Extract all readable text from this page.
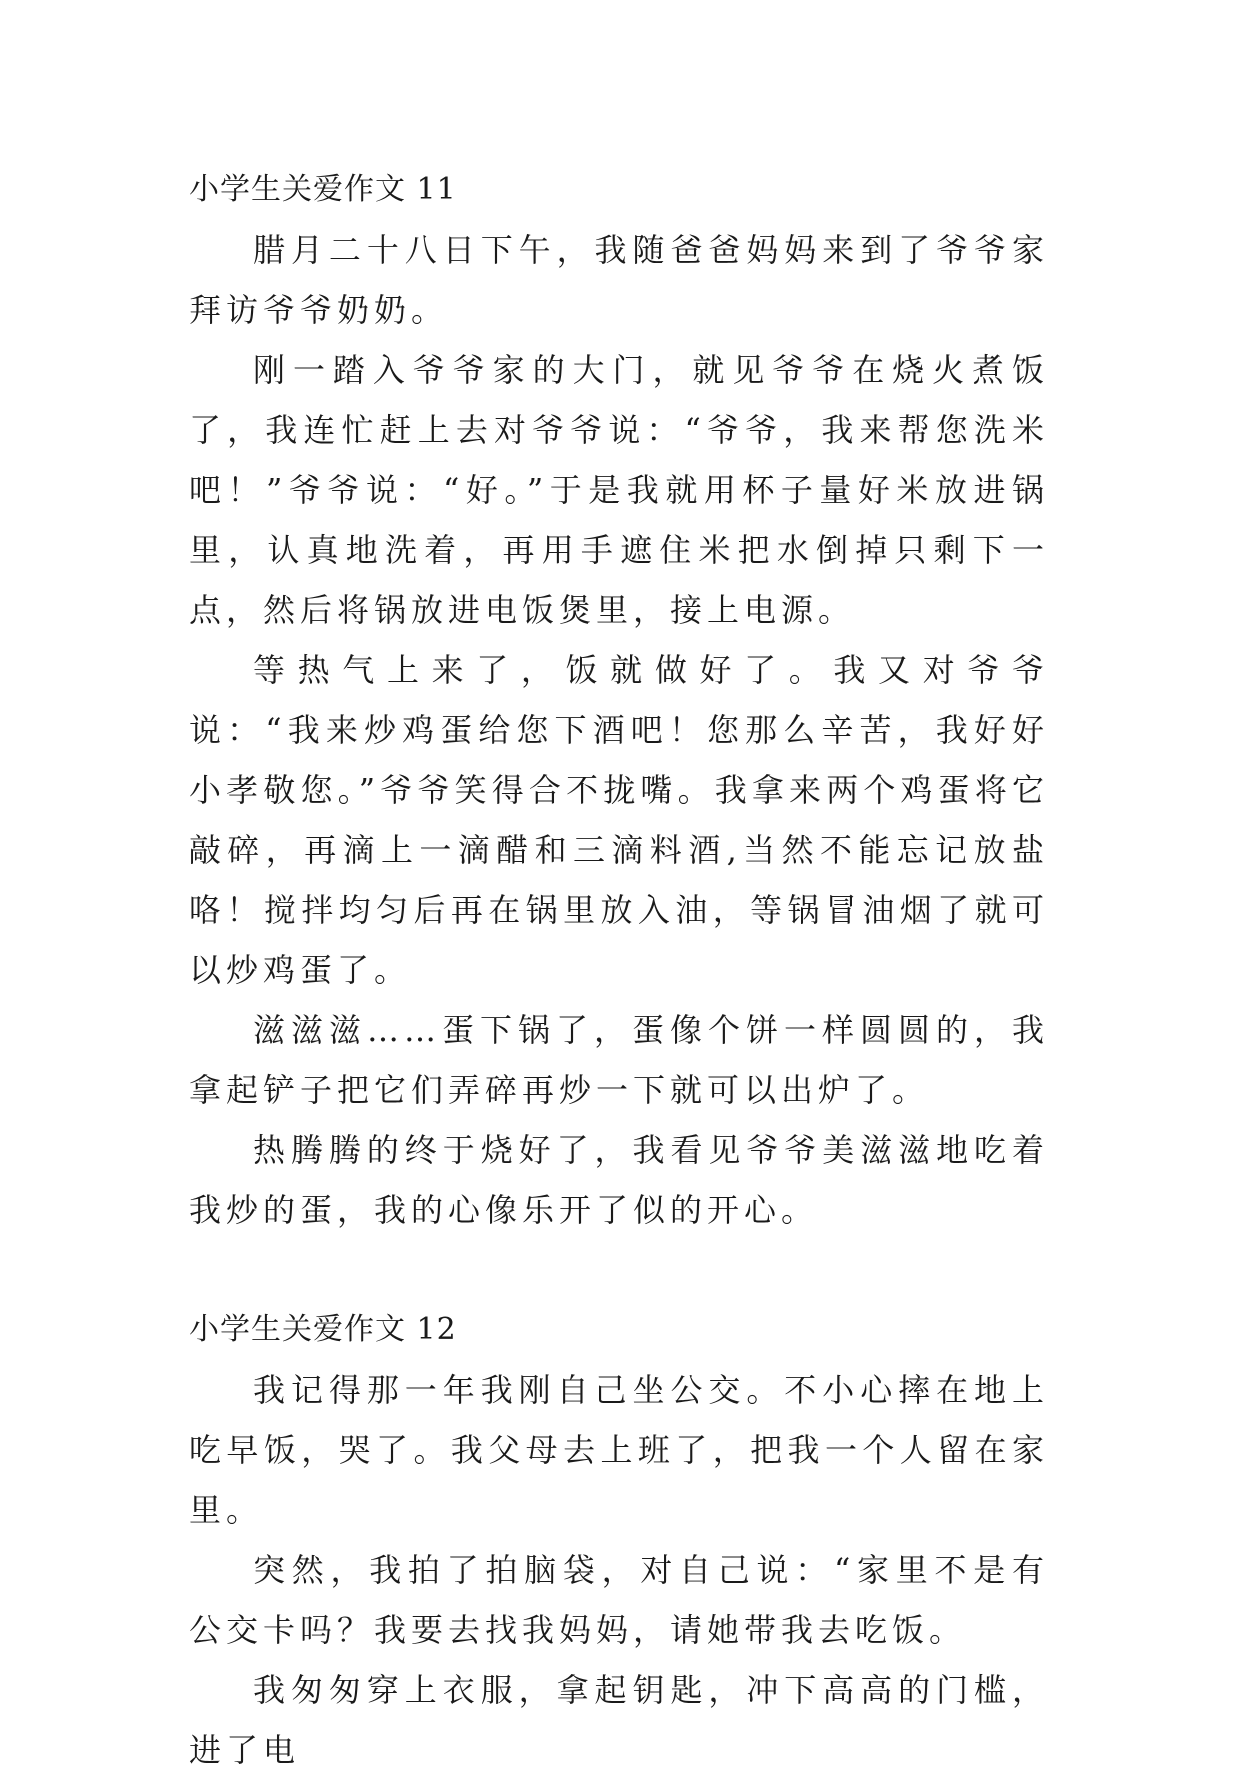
小学生关爱作文 11

腊月二十八日下午，我随爸爸妈妈来到了爷爷家拜访爷爷奶奶。

刚一踏入爷爷家的大门，就见爷爷在烧火煮饭了，我连忙赶上去对爷爷说：“爷爷，我来帮您洗米吧！”爷爷说：“好。”于是我就用杯子量好米放进锅里，认真地洗着，再用手遮住米把水倒掉只剩下一点，然后将锅放进电饭煲里，接上电源。

等热气上来了，饭就做好了。我又对爷爷说：“我来炒鸡蛋给您下酒吧！您那么辛苦，我好好小孝敬您。”爷爷笑得合不拢嘴。我拿来两个鸡蛋将它敲碎，再滴上一滴醋和三滴料酒,当然不能忘记放盐咯！搅拌均匀后再在锅里放入油，等锅冒油烟了就可以炒鸡蛋了。

滋滋滋……蛋下锅了，蛋像个饼一样圆圆的，我拿起铲子把它们弄碎再炒一下就可以出炉了。

热腾腾的终于烧好了，我看见爷爷美滋滋地吃着我炒的蛋，我的心像乐开了似的开心。

小学生关爱作文 12

我记得那一年我刚自己坐公交。不小心摔在地上吃早饭，哭了。我父母去上班了，把我一个人留在家里。

突然，我拍了拍脑袋，对自己说：“家里不是有公交卡吗？我要去找我妈妈，请她带我去吃饭。

我匆匆穿上衣服，拿起钥匙，冲下高高的门槛，进了电
